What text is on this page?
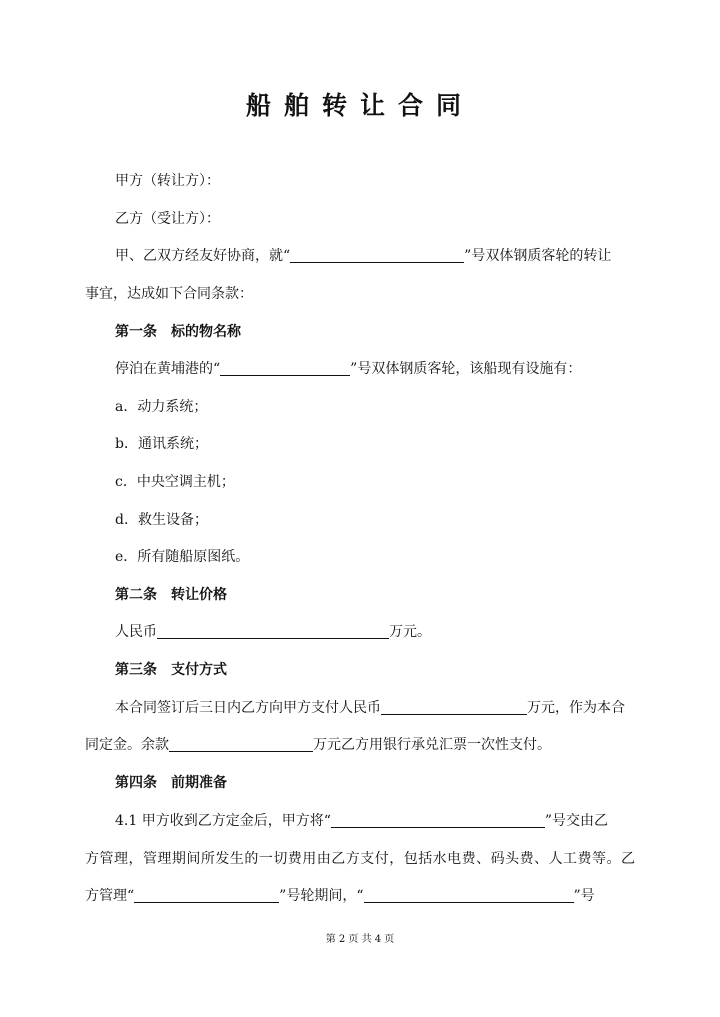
船舶转让合同
甲方（转让方）：
乙方（受让方）：
甲、乙双方经友好协商，就“	”号双体钢质客轮的转让
事宜，达成如下合同条款：
第一条　标的物名称
停泊在黄埔港的“	”号双体钢质客轮，该船现有设施有：
a．动力系统；
b．通讯系统；
c．中央空调主机；
d．救生设备；
e．所有随船原图纸。
第二条　转让价格
人民币	万元。
第三条　支付方式
本合同签订后三日内乙方向甲方支付人民币	万元，作为本合
同定金。余款	万元乙方用银行承兑汇票一次性支付。
第四条　前期准备
4.1 甲方收到乙方定金后，甲方将“	”号交由乙
方管理，管理期间所发生的一切费用由乙方支付，包括水电费、码头费、人工费等。乙
方管理“	”号轮期间，“	”号
第 2 页 共 4 页
